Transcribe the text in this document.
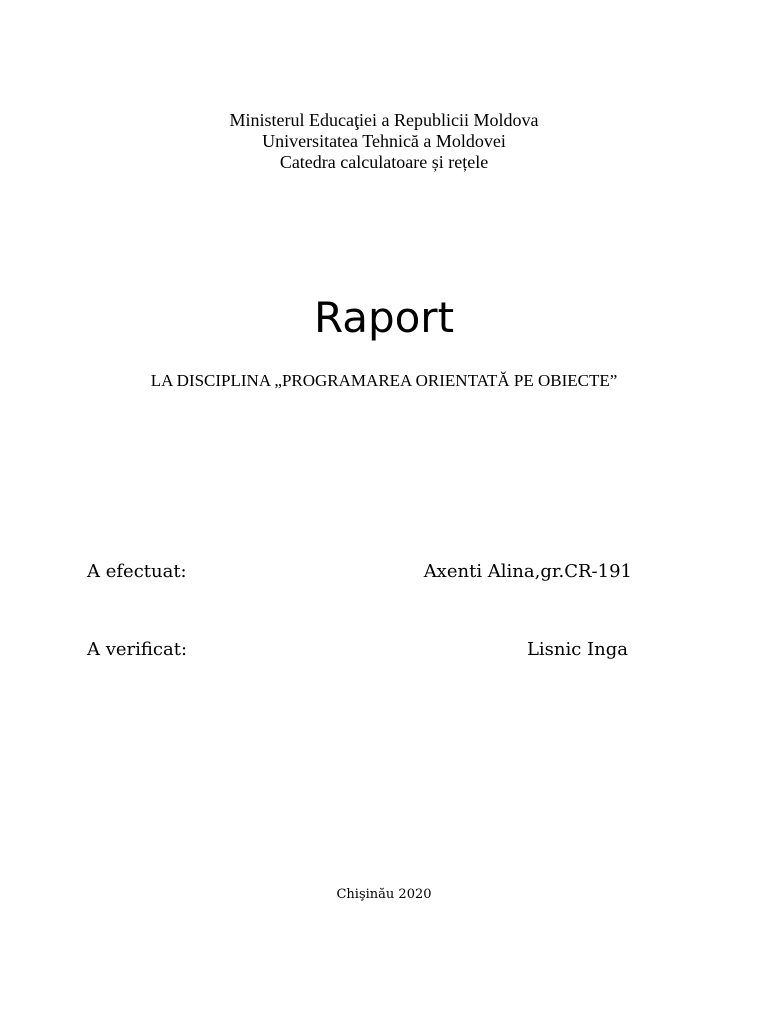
Ministerul Educaţiei a Republicii Moldova
Universitatea Tehnică a Moldovei
Catedra calculatoare și rețele
Raport
LA DISCIPLINA „PROGRAMAREA ORIENTATĂ PE OBIECTE”
A efectuat:	Axenti Alina,gr.CR-191
A verificat:	Lisnic Inga
Chişinău 2020
